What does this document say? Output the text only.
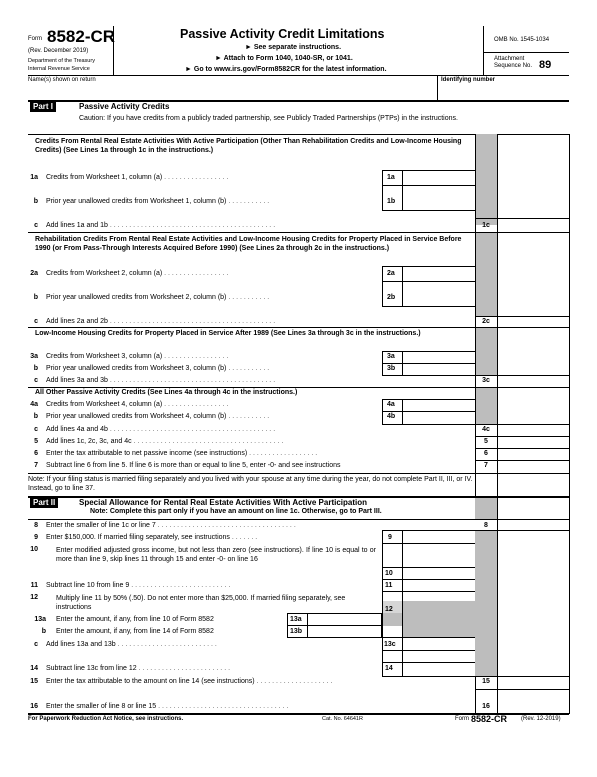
Form 8582-CR
(Rev. December 2019)
Department of the Treasury
Internal Revenue Service
Passive Activity Credit Limitations
► See separate instructions.
► Attach to Form 1040, 1040-SR, or 1041.
► Go to www.irs.gov/Form8582CR for the latest information.
OMB No. 1545-1034
Attachment
Sequence No. 89
Name(s) shown on return	Identifying number
Part I	Passive Activity Credits
Caution: If you have credits from a publicly traded partnership, see Publicly Traded Partnerships (PTPs) in the instructions.
Credits From Rental Real Estate Activities With Active Participation (Other Than Rehabilitation Credits and Low-Income Housing Credits) (See Lines 1a through 1c in the instructions.)
1a Credits from Worksheet 1, column (a) . . . . . . . . . . . . . . . . .	1a
b Prior year unallowed credits from Worksheet 1, column (b) . . . . . . . . . . .	1b
c Add lines 1a and 1b . . . . . . . . . . . . . . . . . . . . . . . . . . . . . . . . . . . . . . . . . . .	1c
Rehabilitation Credits From Rental Real Estate Activities and Low-Income Housing Credits for Property Placed in Service Before 1990 (or From Pass-Through Interests Acquired Before 1990) (See Lines 2a through 2c in the instructions.)
2a Credits from Worksheet 2, column (a) . . . . . . . . . . . . . . . . .	2a
b Prior year unallowed credits from Worksheet 2, column (b) . . . . . . . . . . .	2b
c Add lines 2a and 2b . . . . . . . . . . . . . . . . . . . . . . . . . . . . . . . . . . . . . . . . . . .	2c
Low-Income Housing Credits for Property Placed in Service After 1989 (See Lines 3a through 3c in the instructions.)
3a Credits from Worksheet 3, column (a) . . . . . . . . . . . . . . . . .	3a
b Prior year unallowed credits from Worksheet 3, column (b) . . . . . . . . . . .	3b
c Add lines 3a and 3b . . . . . . . . . . . . . . . . . . . . . . . . . . . . . . . . . . . . . . . . . . .	3c
All Other Passive Activity Credits (See Lines 4a through 4c in the instructions.)
4a Credits from Worksheet 4, column (a) . . . . . . . . . . . . . . . . .	4a
b Prior year unallowed credits from Worksheet 4, column (b) . . . . . . . . . . .	4b
c Add lines 4a and 4b . . . . . . . . . . . . . . . . . . . . . . . . . . . . . . . . . . . . . . . . . . .	4c
5 Add lines 1c, 2c, 3c, and 4c . . . . . . . . . . . . . . . . . . . . . . . . . . . . . . . . . . . . . . .	5
6 Enter the tax attributable to net passive income (see instructions) . . . . . . . . . . . . . . . . . .	6
7 Subtract line 6 from line 5. If line 6 is more than or equal to line 5, enter -0- and see instructions	7
Note: If your filing status is married filing separately and you lived with your spouse at any time during the year, do not complete Part II, III, or IV. Instead, go to line 37.
Part II	Special Allowance for Rental Real Estate Activities With Active Participation
Note: Complete this part only if you have an amount on line 1c. Otherwise, go to Part III.
8 Enter the smaller of line 1c or line 7 . . . . . . . . . . . . . . . . . . . . . . . . . . . . . . . . . . . .	8
9 Enter $150,000. If married filing separately, see instructions . . . . . . .	9
10	Enter modified adjusted gross income, but not less than zero (see instructions). If line 10 is equal to or more than line 9, skip lines 11 through 15 and enter -0- on line 16
10
11 Subtract line 10 from line 9 . . . . . . . . . . . . . . . . . . . . . . . . . .	11
12	Multiply line 11 by 50% (.50). Do not enter more than $25,000. If married filing separately, see instructions	12
13a Enter the amount, if any, from line 10 of Form 8582	13a
b Enter the amount, if any, from line 14 of Form 8582	13b
c Add lines 13a and 13b . . . . . . . . . . . . . . . . . . . . . . . . . .	13c
14 Subtract line 13c from line 12 . . . . . . . . . . . . . . . . . . . . . . . .	14
15 Enter the tax attributable to the amount on line 14 (see instructions) . . . . . . . . . . . . . . . . . . . .	15
16 Enter the smaller of line 8 or line 15 . . . . . . . . . . . . . . . . . . . . . . . . . . . . . . . . . .	16
For Paperwork Reduction Act Notice, see instructions.	Cat. No. 64641R	Form 8582-CR (Rev. 12-2019)
